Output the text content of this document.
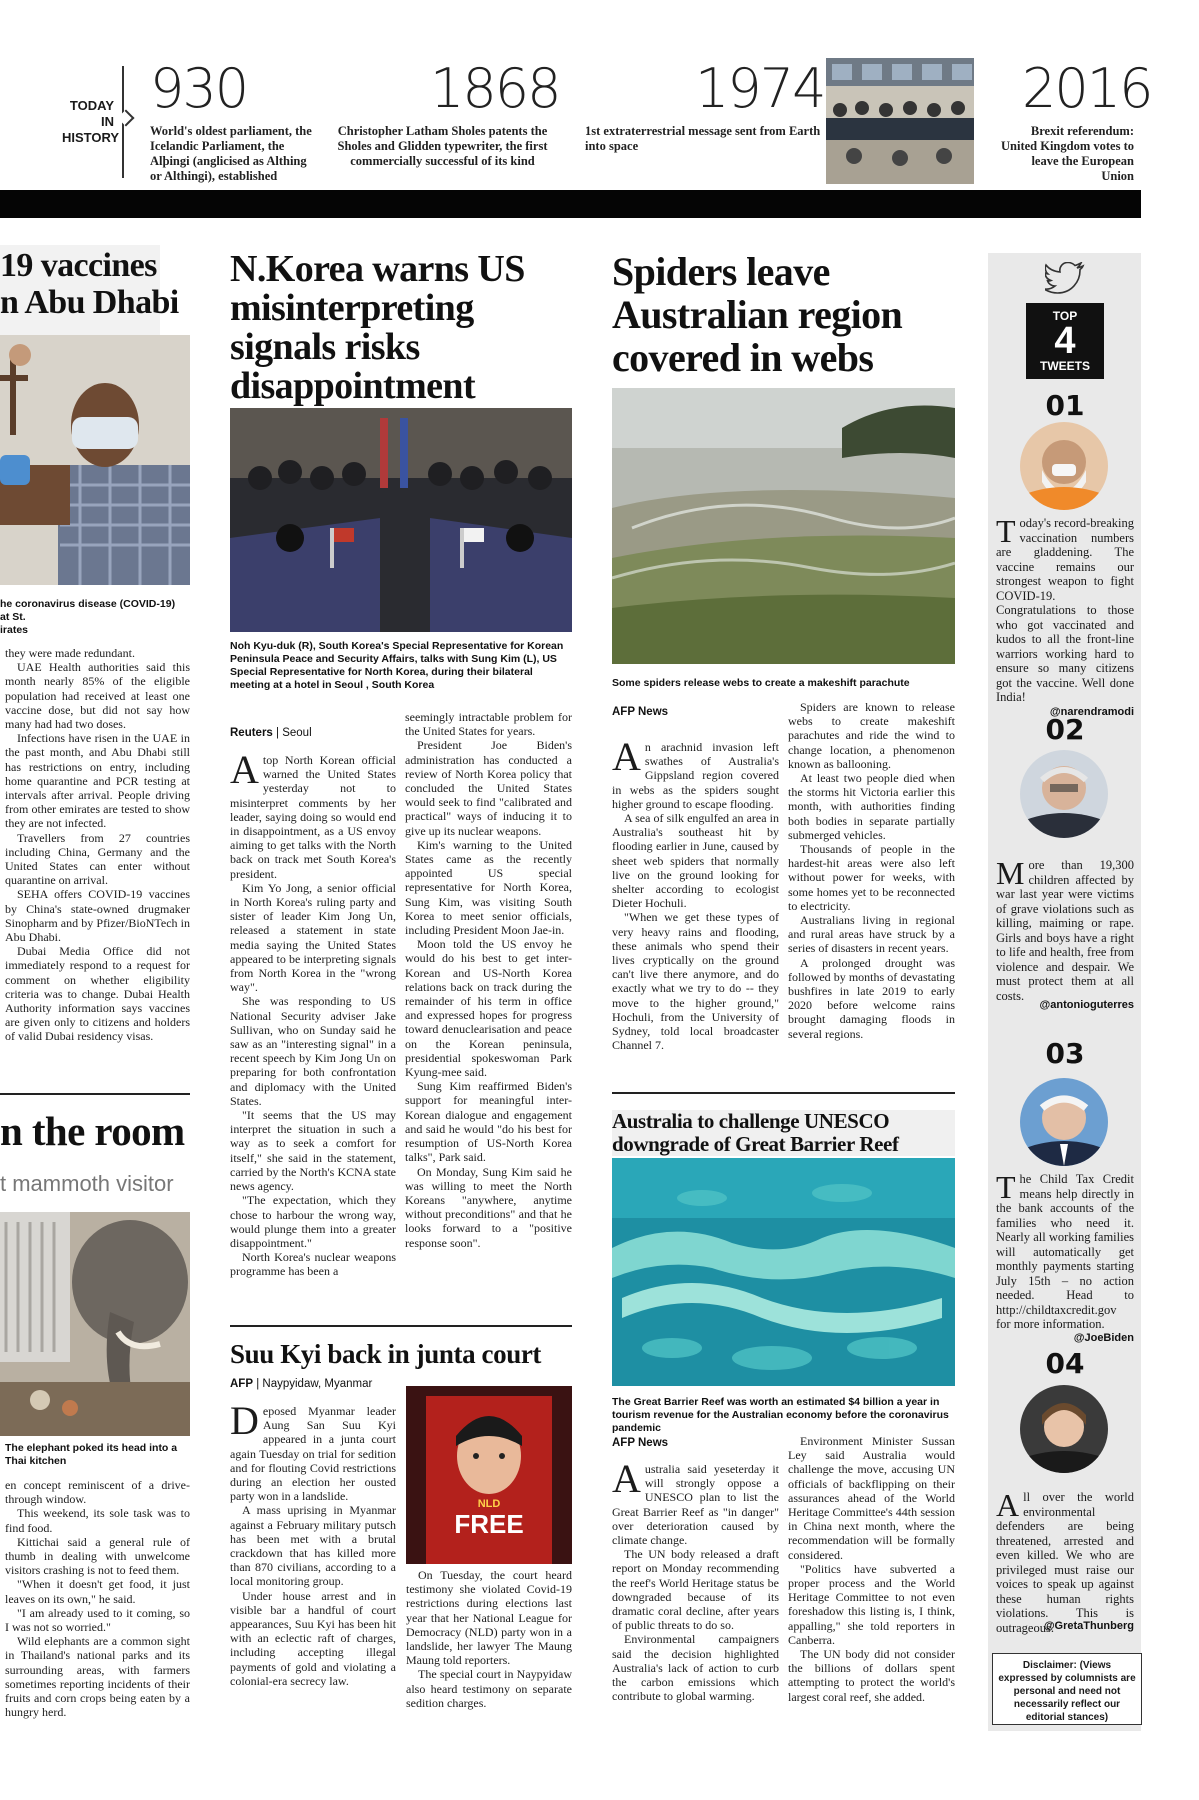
TODAY
IN
HISTORY
930
World's oldest parliament, the Icelandic Parliament, the Alþingi (anglicised as Althing or Althingi), established
1868
Christopher Latham Sholes patents the Sholes and Glidden typewriter, the first commercially successful of its kind
1974
1st extraterrestrial message sent from Earth into space
2016
Brexit referendum: United Kingdom votes to leave the European Union
19 vaccines
n Abu Dhabi
he coronavirus disease (COVID-19) at St.
irates

they were made redundant.

UAE Health authorities said this month nearly 85% of the eligible population had received at least one vaccine dose, but did not say how many had had two doses.

Infections have risen in the UAE in the past month, and Abu Dhabi still has restrictions on entry, including home quarantine and PCR testing at intervals after arrival. People driving from other emirates are tested to show they are not infected.

Travellers from 27 countries including China, Germany and the United States can enter without quarantine on arrival.

SEHA offers COVID-19 vaccines by China's state-owned drugmaker Sinopharm and by Pfizer/BioNTech in Abu Dhabi.

Dubai Media Office did not immediately respond to a request for comment on whether eligibility criteria was to change. Dubai Health Authority information says vaccines are given only to citizens and holders of valid Dubai residency visas.

n the room
t mammoth visitor
The elephant poked its head into a Thai kitchen

en concept reminiscent of a drive-through window.

This weekend, its sole task was to find food.

Kittichai said a general rule of thumb in dealing with unwelcome visitors crashing is not to feed them.

"When it doesn't get food, it just leaves on its own," he said.

"I am already used to it coming, so I was not so worried."

Wild elephants are a common sight in Thailand's national parks and its surrounding areas, with farmers sometimes reporting incidents of their fruits and corn crops being eaten by a hungry herd.

N.Korea warns US
misinterpreting
signals risks
disappointment
Noh Kyu-duk (R), South Korea's Special Representative for Korean Peninsula Peace and Security Affairs, talks with Sung Kim (L), US Special Representative for North Korea, during their bilateral meeting at a hotel in Seoul , South Korea
Reuters | Seoul

A top North Korean official warned the United States yesterday not to misinterpret comments by her leader, saying doing so would end in disappointment, as a US envoy aiming to get talks with the North back on track met South Korea's president.

Kim Yo Jong, a senior official in North Korea's ruling party and sister of leader Kim Jong Un, released a statement in state media saying the United States appeared to be interpreting signals from North Korea in the "wrong way".

She was responding to US National Security adviser Jake Sullivan, who on Sunday said he saw as an "interesting signal" in a recent speech by Kim Jong Un on preparing for both confrontation and diplomacy with the United States.

"It seems that the US may interpret the situation in such a way as to seek a comfort for itself," she said in the statement, carried by the North's KCNA state news agency.

"The expectation, which they chose to harbour the wrong way, would plunge them into a greater disappointment."

North Korea's nuclear weapons programme has been a

seemingly intractable problem for the United States for years.

President Joe Biden's administration has conducted a review of North Korea policy that concluded the United States would seek to find "calibrated and practical" ways of inducing it to give up its nuclear weapons.

Kim's warning to the United States came as the recently appointed US special representative for North Korea, Sung Kim, was visiting South Korea to meet senior officials, including President Moon Jae-in.

Moon told the US envoy he would do his best to get inter-Korean and US-North Korea relations back on track during the remainder of his term in office and expressed hopes for progress toward denuclearisation and peace on the Korean peninsula, presidential spokeswoman Park Kyung-mee said.

Sung Kim reaffirmed Biden's support for meaningful inter-Korean dialogue and engagement and said he would "do his best for resumption of US-North Korea talks", Park said.

On Monday, Sung Kim said he was willing to meet the North Koreans "anywhere, anytime without preconditions" and that he looks forward to a "positive response soon".

Suu Kyi back in junta court
AFP | Naypyidaw, Myanmar

Deposed Myanmar leader Aung San Suu Kyi appeared in a junta court again Tuesday on trial for sedition and for flouting Covid restrictions during an election her ousted party won in a landslide.

A mass uprising in Myanmar against a February military putsch has been met with a brutal crackdown that has killed more than 870 civilians, according to a local monitoring group.

Under house arrest and in visible bar a handful of court appearances, Suu Kyi has been hit with an eclectic raft of charges, including accepting illegal payments of gold and violating a colonial-era secrecy law.

NLD
FREE

On Tuesday, the court heard testimony she violated Covid-19 restrictions during elections last year that her National League for Democracy (NLD) party won in a landslide, her lawyer The Maung Maung told reporters.

The special court in Naypyidaw also heard testimony on separate sedition charges.

Spiders leave
Australian region
covered in webs
Some spiders release webs to create a makeshift parachute
AFP News

An arachnid invasion left swathes of Australia's Gippsland region covered in webs as the spiders sought higher ground to escape flooding.

A sea of silk engulfed an area in Australia's southeast hit by flooding earlier in June, caused by sheet web spiders that normally live on the ground looking for shelter according to ecologist Dieter Hochuli.

"When we get these types of very heavy rains and flooding, these animals who spend their lives cryptically on the ground can't live there anymore, and do exactly what we try to do -- they move to the higher ground," Hochuli, from the University of Sydney, told local broadcaster Channel 7.

Spiders are known to release webs to create makeshift parachutes and ride the wind to change location, a phenomenon known as ballooning.

At least two people died when the storms hit Victoria earlier this month, with authorities finding both bodies in separate partially submerged vehicles.

Thousands of people in the hardest-hit areas were also left without power for weeks, with some homes yet to be reconnected to electricity.

Australians living in regional and rural areas have struck by a series of disasters in recent years.

A prolonged drought was followed by months of devastating bushfires in late 2019 to early 2020 before welcome rains brought damaging floods in several regions.

Australia to challenge UNESCO
downgrade of Great Barrier Reef
The Great Barrier Reef was worth an estimated $4 billion a year in tourism revenue for the Australian economy before the coronavirus pandemic
AFP News

Australia said yeseterday it will strongly oppose a UNESCO plan to list the Great Barrier Reef as "in danger" over deterioration caused by climate change.

The UN body released a draft report on Monday recommending the reef's World Heritage status be downgraded because of its dramatic coral decline, after years of public threats to do so.

Environmental campaigners said the decision highlighted Australia's lack of action to curb the carbon emissions which contribute to global warming.

Environment Minister Sussan Ley said Australia would challenge the move, accusing UN officials of backflipping on their assurances ahead of the World Heritage Committee's 44th session in China next month, where the recommendation will be formally considered.

"Politics have subverted a proper process and the World Heritage Committee to not even foreshadow this listing is, I think, appalling," she told reporters in Canberra.

The UN body did not consider the billions of dollars spent attempting to protect the world's largest coral reef, she added.

TOP
4
TWEETS
01
Today's record-breaking vaccination numbers are gladdening. The vaccine remains our strongest weapon to fight COVID-19. Congratulations to those who got vaccinated and kudos to all the front-line warriors working hard to ensure so many citizens got the vaccine. Well done India!
@narendramodi
02
More than 19,300 children affected by war last year were victims of grave violations such as killing, maiming or rape. Girls and boys have a right to life and health, free from violence and despair. We must protect them at all costs.
@antonioguterres
03
The Child Tax Credit means help directly in the bank accounts of the families who need it. Nearly all working families will automatically get monthly payments starting July 15th – no action needed. Head to http://childtaxcredit.gov for more information.
@JoeBiden
04
All over the world environmental defenders are being threatened, arrested and even killed. We who are privileged must raise our voices to speak up against these human rights violations. This is outrageous.
@GretaThunberg
Disclaimer: (Views expressed by columnists are personal and need not necessarily reflect our editorial stances)
